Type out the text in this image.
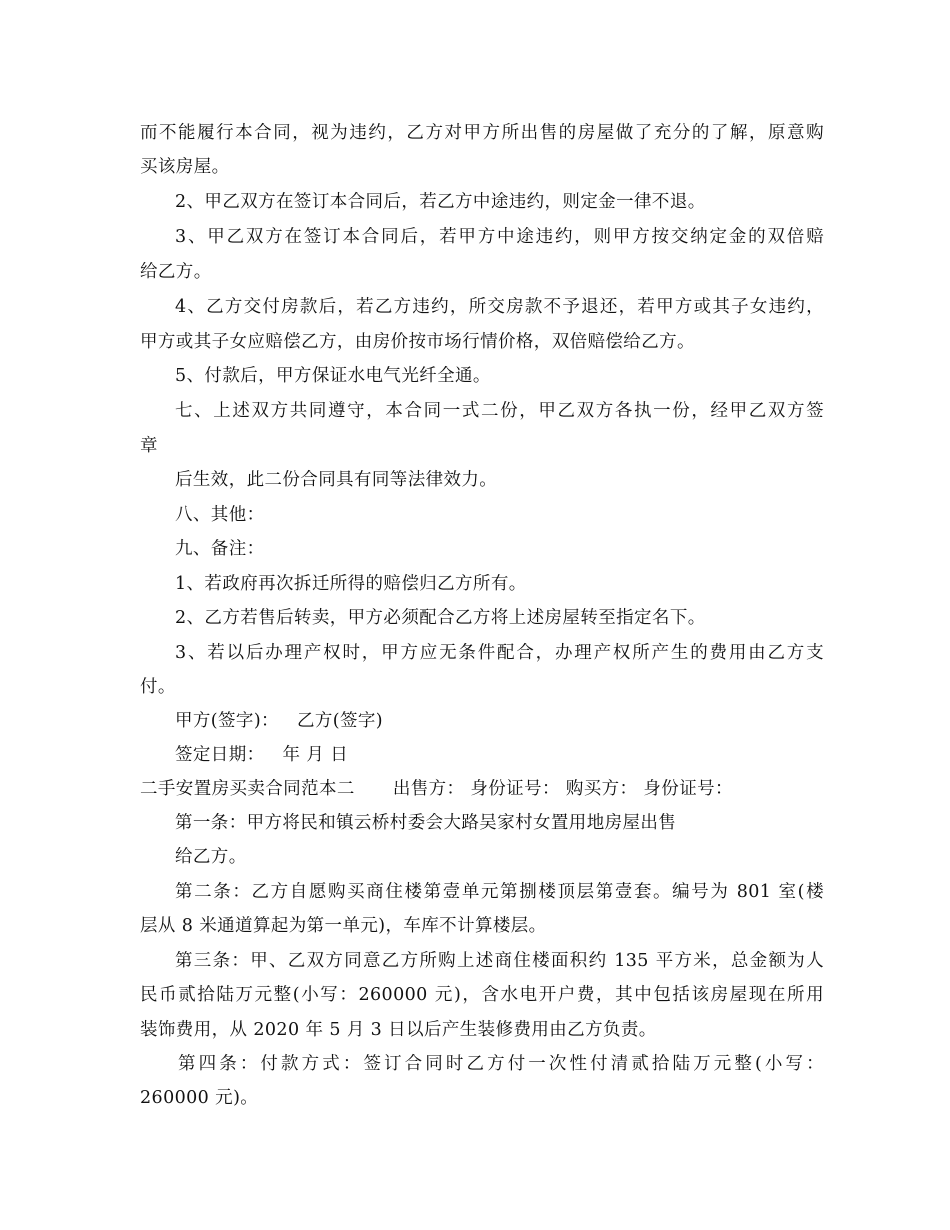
而不能履行本合同，视为违约，乙方对甲方所出售的房屋做了充分的了解，原意购
买该房屋。
2、甲乙双方在签订本合同后，若乙方中途违约，则定金一律不退。
3、甲乙双方在签订本合同后，若甲方中途违约，则甲方按交纳定金的双倍赔
给乙方。
4、乙方交付房款后，若乙方违约，所交房款不予退还，若甲方或其子女违约，
甲方或其子女应赔偿乙方，由房价按市场行情价格，双倍赔偿给乙方。
5、付款后，甲方保证水电气光纤全通。
七、上述双方共同遵守，本合同一式二份，甲乙双方各执一份，经甲乙双方签
章
后生效，此二份合同具有同等法律效力。
八、其他：
九、备注：
1、若政府再次拆迁所得的赔偿归乙方所有。
2、乙方若售后转卖，甲方必须配合乙方将上述房屋转至指定名下。
3、若以后办理产权时，甲方应无条件配合，办理产权所产生的费用由乙方支
付。
甲方(签字)： 乙方(签字)
签定日期： 年 月 日
二手安置房买卖合同范本二 出售方： 身份证号： 购买方： 身份证号：
第一条：甲方将民和镇云桥村委会大路吴家村女置用地房屋出售
给乙方。
第二条：乙方自愿购买商住楼第壹单元第捌楼顶层第壹套。编号为 801 室(楼
层从 8 米通道算起为第一单元)，车库不计算楼层。
第三条：甲、乙双方同意乙方所购上述商住楼面积约 135 平方米，总金额为人
民币贰拾陆万元整(小写：260000 元)，含水电开户费，其中包括该房屋现在所用
装饰费用，从 2020 年 5 月 3 日以后产生装修费用由乙方负责。
第四条：付款方式：签订合同时乙方付一次性付清贰拾陆万元整(小写：
260000 元)。
